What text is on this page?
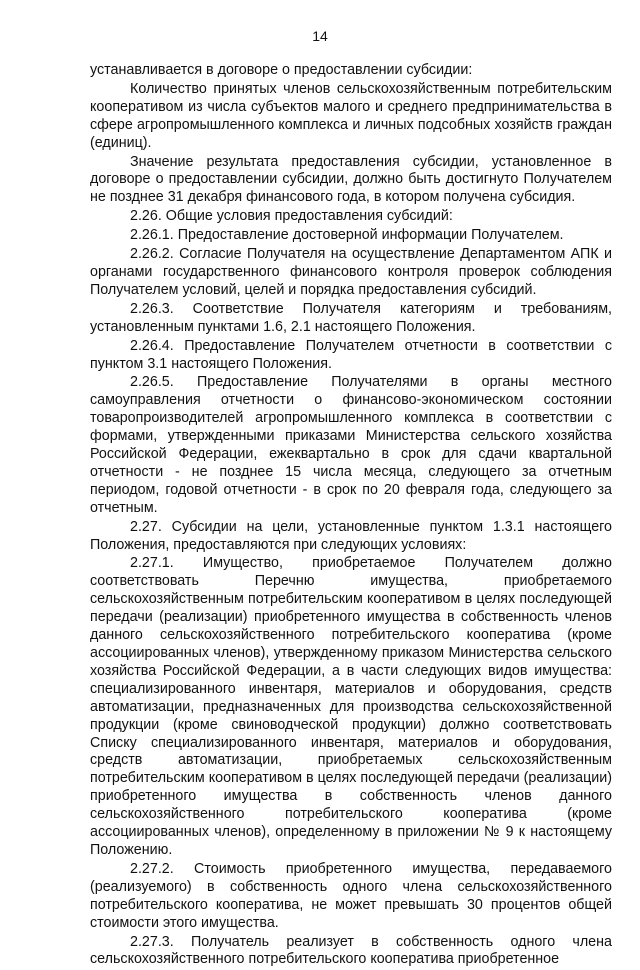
14

устанавливается в договоре о предоставлении субсидии:

Количество принятых членов сельскохозяйственным потребительским кооперативом из числа субъектов малого и среднего предпринимательства в сфере агропромышленного комплекса и личных подсобных хозяйств граждан (единиц).

Значение результата предоставления субсидии, установленное в договоре о предоставлении субсидии, должно быть достигнуто Получателем не позднее 31 декабря финансового года, в котором получена субсидия.

2.26. Общие условия предоставления субсидий:

2.26.1. Предоставление достоверной информации Получателем.

2.26.2. Согласие Получателя на осуществление Департаментом АПК и органами государственного финансового контроля проверок соблюдения Получателем условий, целей и порядка предоставления субсидий.

2.26.3. Соответствие Получателя категориям и требованиям, установленным пунктами 1.6, 2.1 настоящего Положения.

2.26.4. Предоставление Получателем отчетности в соответствии с пунктом 3.1 настоящего Положения.

2.26.5. Предоставление Получателями в органы местного самоуправления отчетности о финансово-экономическом состоянии товаропроизводителей агропромышленного комплекса в соответствии с формами, утвержденными приказами Министерства сельского хозяйства Российской Федерации, ежеквартально в срок для сдачи квартальной отчетности - не позднее 15 числа месяца, следующего за отчетным периодом, годовой отчетности - в срок по 20 февраля года, следующего за отчетным.

2.27. Субсидии на цели, установленные пунктом 1.3.1 настоящего Положения, предоставляются при следующих условиях:

2.27.1. Имущество, приобретаемое Получателем должно соответствовать Перечню имущества, приобретаемого сельскохозяйственным потребительским кооперативом в целях последующей передачи (реализации) приобретенного имущества в собственность членов данного сельскохозяйственного потребительского кооператива (кроме ассоциированных членов), утвержденному приказом Министерства сельского хозяйства Российской Федерации, а в части следующих видов имущества: специализированного инвентаря, материалов и оборудования, средств автоматизации, предназначенных для производства сельскохозяйственной продукции (кроме свиноводческой продукции) должно соответствовать Списку специализированного инвентаря, материалов и оборудования, средств автоматизации, приобретаемых сельскохозяйственным потребительским кооперативом в целях последующей передачи (реализации) приобретенного имущества в собственность членов данного сельскохозяйственного потребительского кооператива (кроме ассоциированных членов), определенному в приложении № 9 к настоящему Положению.

2.27.2. Стоимость приобретенного имущества, передаваемого (реализуемого) в собственность одного члена сельскохозяйственного потребительского кооператива, не может превышать 30 процентов общей стоимости этого имущества.

2.27.3. Получатель реализует в собственность одного члена сельскохозяйственного потребительского кооператива приобретенное
